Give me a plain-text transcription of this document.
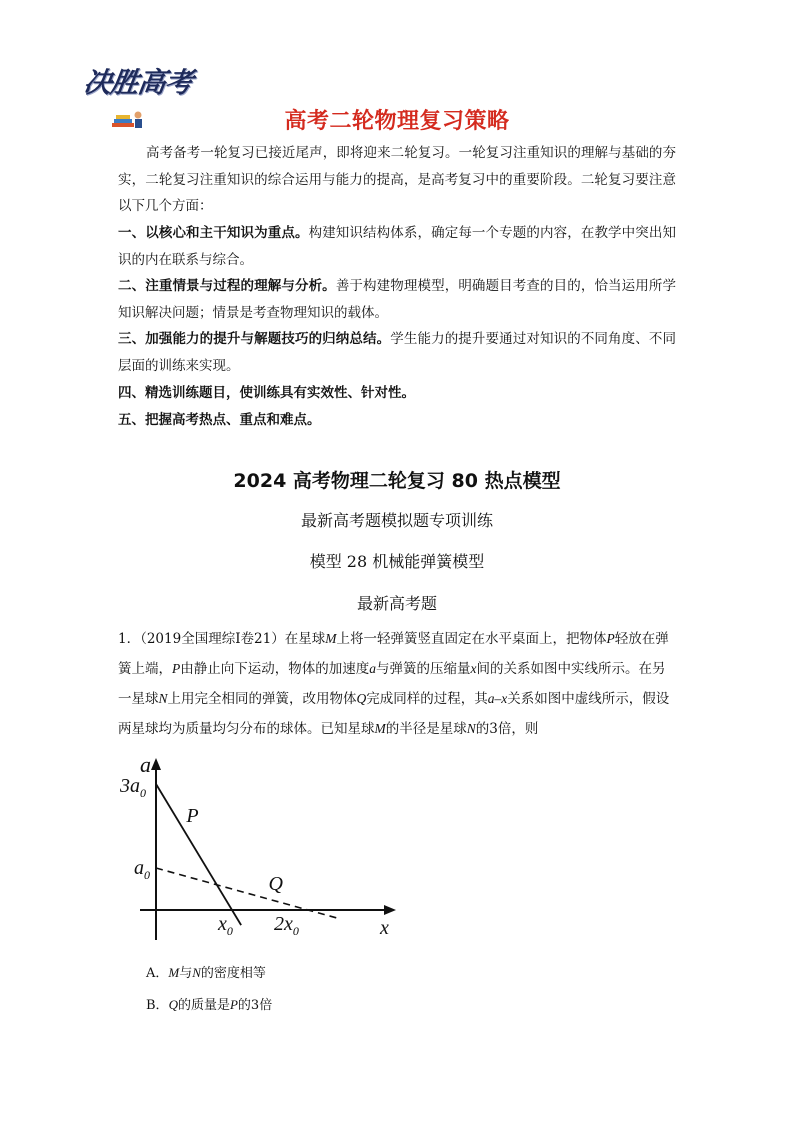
决胜高考
高考二轮物理复习策略
高考备考一轮复习已接近尾声，即将迎来二轮复习。一轮复习注重知识的理解与基础的夯实，二轮复习注重知识的综合运用与能力的提高，是高考复习中的重要阶段。二轮复习要注意以下几个方面：
一、以核心和主干知识为重点。构建知识结构体系，确定每一个专题的内容，在教学中突出知识的内在联系与综合。
二、注重情景与过程的理解与分析。善于构建物理模型，明确题目考查的目的，恰当运用所学知识解决问题；情景是考查物理知识的载体。
三、加强能力的提升与解题技巧的归纳总结。学生能力的提升要通过对知识的不同角度、不同层面的训练来实现。
四、精选训练题目，使训练具有实效性、针对性。
五、把握高考热点、重点和难点。
2024 高考物理二轮复习 80 热点模型
最新高考题模拟题专项训练
模型 28 机械能弹簧模型
最新高考题
1．（2019全国理综I卷21）在星球M上将一轻弹簧竖直固定在水平桌面上，把物体P轻放在弹簧上端，P由静止向下运动，物体的加速度a与弹簧的压缩量x间的关系如图中实线所示。在另一星球N上用完全相同的弹簧，改用物体Q完成同样的过程，其a–x关系如图中虚线所示，假设两星球均为质量均匀分布的球体。已知星球M的半径是星球N的3倍，则
a
x
$3a_0$
$a_0$
$x_0$ $2x_0$
P
Q
A．M与N的密度相等
B．Q的质量是P的3倍
